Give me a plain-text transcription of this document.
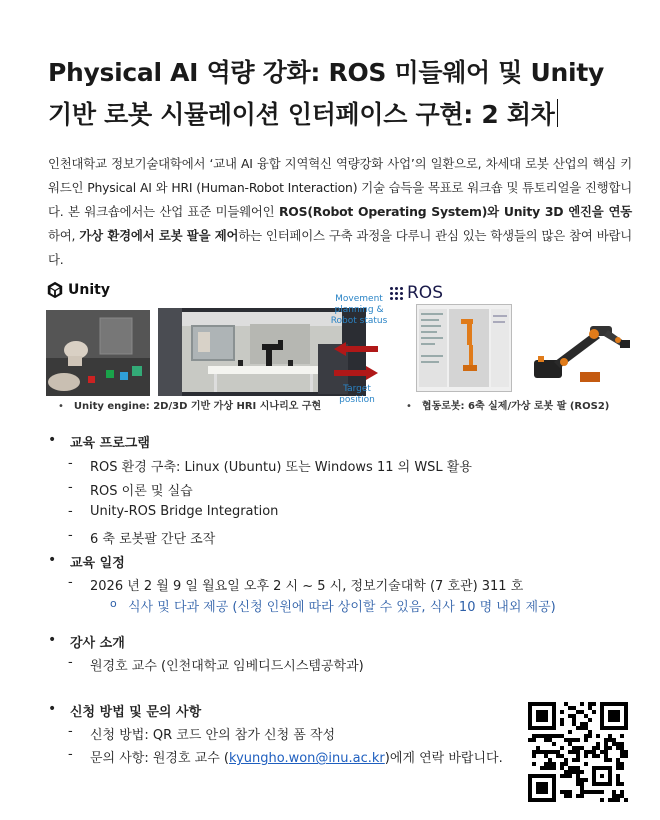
Physical AI 역량 강화: ROS 미들웨어 및 Unity
기반 로봇 시뮬레이션 인터페이스 구현: 2 회차
인천대학교 정보기술대학에서 ‘교내 AI 융합 지역혁신 역량강화 사업’의 일환으로, 차세대 로봇 산업의 핵심 키워드인 Physical AI 와 HRI (Human-Robot Interaction) 기술 습득을 목표로 워크숍 및 튜토리얼을 진행합니다. 본 워크숍에서는 산업 표준 미들웨어인 ROS(Robot Operating System)와 Unity 3D 엔진을 연동하여, 가상 환경에서 로봇 팔을 제어하는 인터페이스 구축 과정을 다루니 관심 있는 학생들의 많은 참여 바랍니다.
Unity	ROS
Movement planning & Robot status
Target position
• Unity engine: 2D/3D 기반 가상 HRI 시나리오 구현	• 협동로봇: 6축 실제/가상 로봇 팔 (ROS2)
• 교육 프로그램
- ROS 환경 구축: Linux (Ubuntu) 또는 Windows 11 의 WSL 활용
- ROS 이론 및 실습
- Unity-ROS Bridge Integration
- 6 축 로봇팔 간단 조작
• 교육 일정
- 2026 년 2 월 9 일 월요일 오후 2 시 ~ 5 시, 정보기술대학 (7 호관) 311 호
o 식사 및 다과 제공 (신청 인원에 따라 상이할 수 있음, 식사 10 명 내외 제공)
• 강사 소개
- 원경호 교수 (인천대학교 임베디드시스템공학과)
• 신청 방법 및 문의 사항
- 신청 방법: QR 코드 안의 참가 신청 폼 작성
- 문의 사항: 원경호 교수 (kyungho.won@inu.ac.kr)에게 연락 바랍니다.
